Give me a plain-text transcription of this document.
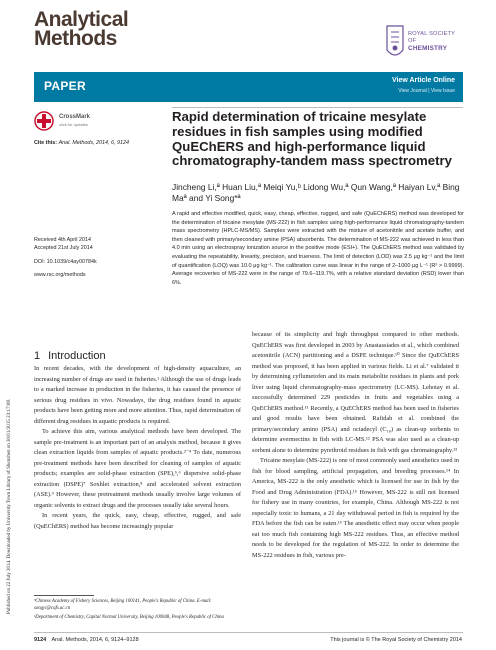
Analytical
Methods	ROYAL SOCIETY
OF
CHEMISTRY
PAPER	View Article Online
View Journal | View Issue
Published on 22 July 2014. Downloaded by University Town Library of Shenzhen on 30/01/2015 23:17:08.
CrossMark
click for updates
Cite this: Anal. Methods, 2014, 6, 9124
Received 4th April 2014
Accepted 21st July 2014
DOI: 10.1039/c4ay00784k
www.rsc.org/methods
Rapid determination of tricaine mesylate residues in fish samples using modified QuEChERS and high-performance liquid chromatography-tandem mass spectrometry
Jincheng Li,ª Huan Liu,ª Meiqi Yu,ᵇ Lidong Wu,ª Qun Wang,ª Haiyan Lv,ª Bing Maª and Yi Song*ª
A rapid and effective modified, quick, easy, cheap, effective, rugged, and safe (QuEChERS) method was developed for the determination of tricaine mesylate (MS-222) in fish samples using high-performance liquid chromatography-tandem mass spectrometry (HPLC-MS/MS). Samples were extracted with the mixture of acetonitrile and acetate buffer, and then cleaned with primary/secondary amine (PSA) absorbents. The determination of MS-222 was achieved in less than 4.0 min using an electrospray ionization source in the positive mode (ESI+). The QuEChERS method was validated by evaluating the repeatability, linearity, precision, and trueness. The limit of detection (LOD) was 2.5 μg kg⁻¹ and the limit of quantification (LOQ) was 10.0 μg kg⁻¹. The calibration curve was linear in the range of 2–1000 μg L⁻¹ (R² > 0.9999). Average recoveries of MS-222 were in the range of 79.6–119.7%, with a relative standard deviation (RSD) lower than 6%.
1 Introduction

In recent decades, with the development of high-density aquaculture, an increasing number of drugs are used in fisheries.¹ Although the use of drugs leads to a marked increase in production in the fisheries, it has caused the presence of serious drug residues in vivo. Nowadays, the drug residues found in aquatic products have been getting more and more attention. Thus, rapid determination of different drug residues in aquatic products is required.

To achieve this aim, various analytical methods have been developed. The sample pre-treatment is an important part of an analysis method, because it gives clean extraction liquids from samples of aquatic products.²⁻⁴ To date, numerous pre-treatment methods have been described for cleaning of samples of aquatic products; examples are solid-phase extraction (SPE),⁵,⁶ dispersive solid-phase extraction (DSPE)⁷ Soxhlet extraction,⁸ and accelerated solvent extraction (ASE).⁹ However, these pretreatment methods usually involve large volumes of organic solvents to extract drugs and the processes usually take several hours.

In recent years, the quick, easy, cheap, effective, rugged, and safe (QuEChERS) method has become increasingly popular

because of its simplicity and high throughput compared to other methods. QuEChERS was first developed in 2003 by Anastassiades et al., which combined acetonitrile (ACN) partitioning and a DSPE technique.¹⁰ Since the QuEChERS method was proposed, it has been applied in various fields. Li et al.⁷ validated it by determining cyflumetofen and its main metabolite residues in plants and pork liver using liquid chromatography-mass spectrometry (LC-MS). Lehotay et al. successfully determined 229 pesticides in fruits and vegetables using a QuEChERS method.¹¹ Recently, a QuEChERS method has been used in fisheries and good results have been obtained. Rafidah et al. combined the primary/secondary amino (PSA) and octadecyl (C₁₈) as clean-up sorbents to determine avermectins in fish with LC-MS.¹² PSA was also used as a clean-up sorbent alone to determine pyrethroid residues in fish with gas chromatography.¹³

Tricaine mesylate (MS-222) is one of most commonly used anesthetics used in fish for blood sampling, artificial propagation, and breeding processes.¹⁴ In America, MS-222 is the only anesthetic which is licensed for use in fish by the Food and Drug Administration (FDA).¹⁵ However, MS-222 is still not licensed for fishery use in many countries, for example, China. Although MS-222 is not especially toxic to humans, a 21 day withdrawal period in fish is required by the FDA before the fish can be eaten.¹⁵ The anesthetic effect may occur when people eat too much fish containing high MS-222 residues. Thus, an effective method needs to be developed for the regulation of MS-222. In order to determine the MS-222 residues in fish, various pre-

ªChinese Academy of Fishery Sciences, Beijing 100141, People's Republic of China. E-mail: songyi@cafs.ac.cn

ᵇDepartment of Chemistry, Capital Normal University, Beijing 100048, People's Republic of China

9124 Anal. Methods, 2014, 6, 9124–9128	This journal is © The Royal Society of Chemistry 2014
